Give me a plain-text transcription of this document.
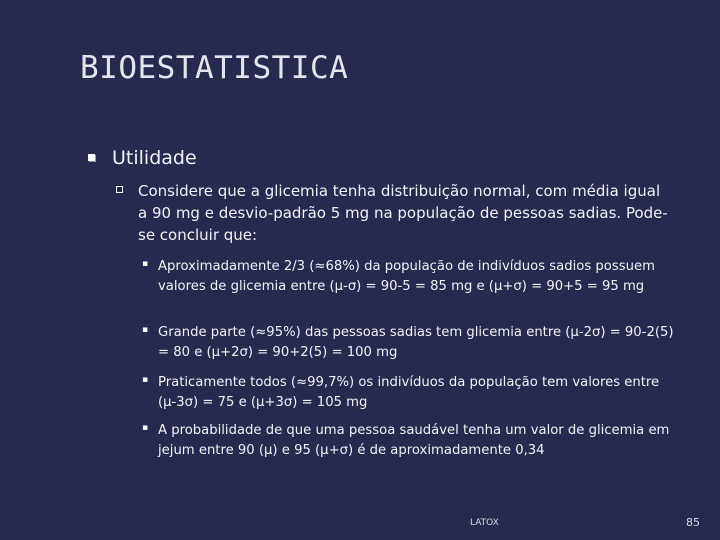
BIOESTATISTICA
Utilidade
Considere que a glicemia tenha distribuição normal, com média igual a 90 mg e desvio-padrão 5 mg na população de pessoas sadias. Pode-se concluir que:
▪ Aproximadamente 2/3 (≈68%) da população de indivíduos sadios possuem valores de glicemia entre (μ-σ) = 90-5 = 85 mg e (μ+σ) = 90+5 = 95 mg
▪ Grande parte (≈95%) das pessoas sadias tem glicemia entre (μ-2σ) = 90-2(5) = 80 e (μ+2σ) = 90+2(5) = 100 mg
▪ Praticamente todos (≈99,7%) os indivíduos da população tem valores entre (μ-3σ) = 75 e (μ+3σ) = 105 mg
▪ A probabilidade de que uma pessoa saudável tenha um valor de glicemia em jejum entre 90 (μ) e 95 (μ+σ) é de aproximadamente 0,34
LATOX	85
